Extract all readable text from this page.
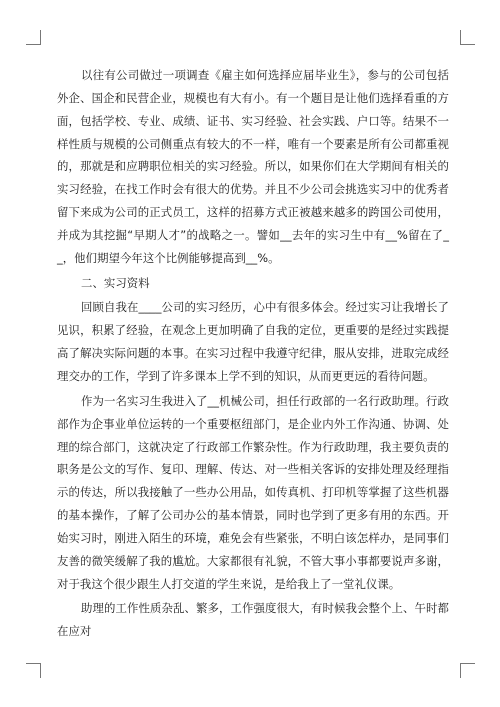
以往有公司做过一项调查《雇主如何选择应届毕业生》，参与的公司包括外企、国企和民营企业，规模也有大有小。有一个题目是让他们选择看重的方面，包括学校、专业、成绩、证书、实习经验、社会实践、户口等。结果不一样性质与规模的公司侧重点有较大的不一样，唯有一个要素是所有公司都重视的，那就是和应聘职位相关的实习经验。所以，如果你们在大学期间有相关的实习经验，在找工作时会有很大的优势。并且不少公司会挑选实习中的优秀者留下来成为公司的正式员工，这样的招募方式正被越来越多的跨国公司使用，并成为其挖掘“早期人才”的战略之一。譬如__去年的实习生中有__%留在了__，他们期望今年这个比例能够提高到__%。

二、实习资料

回顾自我在____公司的实习经历，心中有很多体会。经过实习让我增长了见识，积累了经验，在观念上更加明确了自我的定位，更重要的是经过实践提高了解决实际问题的本事。在实习过程中我遵守纪律，服从安排，进取完成经理交办的工作，学到了许多课本上学不到的知识，从而更更远的看待问题。

作为一名实习生我进入了__机械公司，担任行政部的一名行政助理。行政部作为企事业单位运转的一个重要枢纽部门，是企业内外工作沟通、协调、处理的综合部门，这就决定了行政部工作繁杂性。作为行政助理，我主要负责的职务是公文的写作、复印、理解、传达、对一些相关客诉的安排处理及经理指示的传达，所以我接触了一些办公用品，如传真机、打印机等掌握了这些机器的基本操作，了解了公司办公的基本情景，同时也学到了更多有用的东西。开始实习时，刚进入陌生的环境，难免会有些紧张，不明白该怎样办，是同事们友善的微笑缓解了我的尴尬。大家都很有礼貌，不管大事小事都要说声多谢，对于我这个很少跟生人打交道的学生来说，是给我上了一堂礼仪课。

助理的工作性质杂乱、繁多，工作强度很大，有时候我会整个上、午时都在应对
